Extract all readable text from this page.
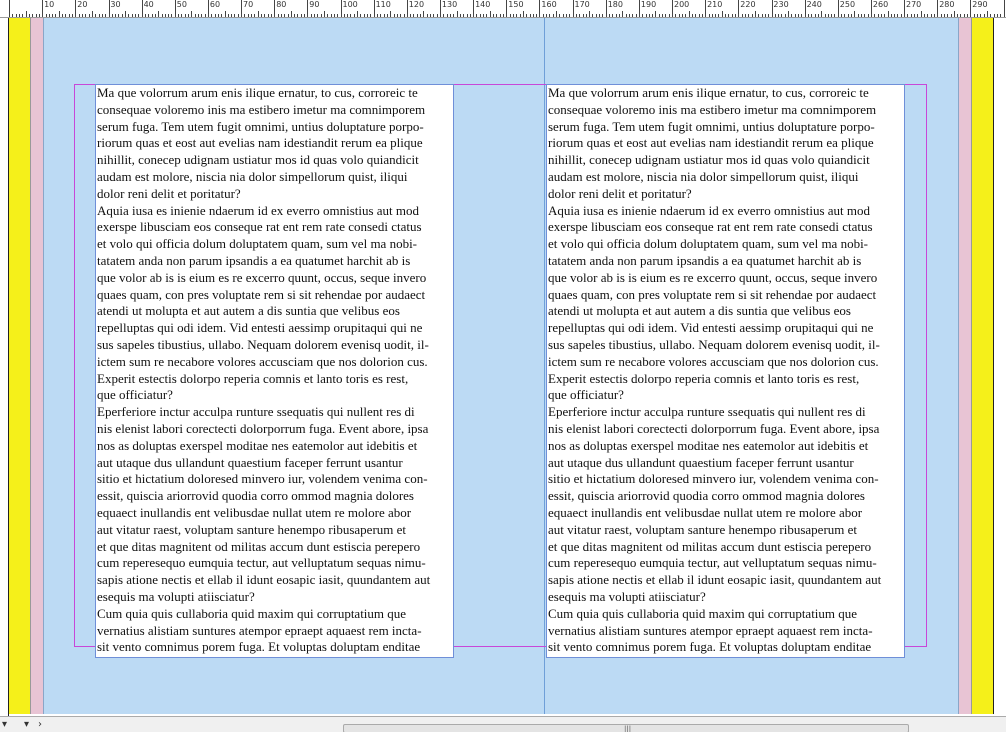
10	20	30	40	50	60	70	80	90	100 110 120 130 140 150 160 170 180 190 200 210 220 230 240 250 260 270 280 290
Ma que volorrum arum enis ilique ernatur, to cus, corroreic te
consequae voloremo inis ma estibero imetur ma comnimporem
serum fuga. Tem utem fugit omnimi, untius doluptature porpo-
riorum quas et eost aut evelias nam idestiandit rerum ea plique
nihillit, conecep udignam ustiatur mos id quas volo quiandicit
audam est molore, niscia nia dolor simpellorum quist, iliqui
dolor reni delit et poritatur?
Aquia iusa es inienie ndaerum id ex everro omnistius aut mod
exerspe libusciam eos conseque rat ent rem rate consedi ctatus
et volo qui officia dolum doluptatem quam, sum vel ma nobi-
tatatem anda non parum ipsandis a ea quatumet harchit ab is
que volor ab is is eium es re excerro quunt, occus, seque invero
quaes quam, con pres voluptate rem si sit rehendae por audaect
atendi ut molupta et aut autem a dis suntia que velibus eos
repelluptas qui odi idem. Vid entesti aessimp orupitaqui qui ne
sus sapeles tibustius, ullabo. Nequam dolorem evenisq uodit, il-
ictem sum re necabore volores accusciam que nos dolorion cus.
Experit estectis dolorpo reperia comnis et lanto toris es rest,
que officiatur?
Eperferiore inctur acculpa runture ssequatis qui nullent res di
nis elenist labori corectecti dolorporrum fuga. Event abore, ipsa
nos as doluptas exerspel moditae nes eatemolor aut idebitis et
aut utaque dus ullandunt quaestium faceper ferrunt usantur
sitio et hictatium doloresed minvero iur, volendem venima con-
essit, quiscia ariorrovid quodia corro ommod magnia dolores
equaect inullandis ent velibusdae nullat utem re molore abor
aut vitatur raest, voluptam santure henempo ribusaperum et
et que ditas magnitent od militas accum dunt estiscia perepero
cum reperesequo eumquia tectur, aut velluptatum sequas nimu-
sapis atione nectis et ellab il idunt eosapic iasit, quundantem aut
esequis ma volupti atiisciatur?
Cum quia quis cullaboria quid maxim qui corruptatium que
vernatius alistiam suntures atempor epraept aquaest rem incta-
sit vento comnimus porem fuga. Et voluptas doluptam enditae
Ma que volorrum arum enis ilique ernatur, to cus, corroreic te
consequae voloremo inis ma estibero imetur ma comnimporem
serum fuga. Tem utem fugit omnimi, untius doluptature porpo-
riorum quas et eost aut evelias nam idestiandit rerum ea plique
nihillit, conecep udignam ustiatur mos id quas volo quiandicit
audam est molore, niscia nia dolor simpellorum quist, iliqui
dolor reni delit et poritatur?
Aquia iusa es inienie ndaerum id ex everro omnistius aut mod
exerspe libusciam eos conseque rat ent rem rate consedi ctatus
et volo qui officia dolum doluptatem quam, sum vel ma nobi-
tatatem anda non parum ipsandis a ea quatumet harchit ab is
que volor ab is is eium es re excerro quunt, occus, seque invero
quaes quam, con pres voluptate rem si sit rehendae por audaect
atendi ut molupta et aut autem a dis suntia que velibus eos
repelluptas qui odi idem. Vid entesti aessimp orupitaqui qui ne
sus sapeles tibustius, ullabo. Nequam dolorem evenisq uodit, il-
ictem sum re necabore volores accusciam que nos dolorion cus.
Experit estectis dolorpo reperia comnis et lanto toris es rest,
que officiatur?
Eperferiore inctur acculpa runture ssequatis qui nullent res di
nis elenist labori corectecti dolorporrum fuga. Event abore, ipsa
nos as doluptas exerspel moditae nes eatemolor aut idebitis et
aut utaque dus ullandunt quaestium faceper ferrunt usantur
sitio et hictatium doloresed minvero iur, volendem venima con-
essit, quiscia ariorrovid quodia corro ommod magnia dolores
equaect inullandis ent velibusdae nullat utem re molore abor
aut vitatur raest, voluptam santure henempo ribusaperum et
et que ditas magnitent od militas accum dunt estiscia perepero
cum reperesequo eumquia tectur, aut velluptatum sequas nimu-
sapis atione nectis et ellab il idunt eosapic iasit, quundantem aut
esequis ma volupti atiisciatur?
Cum quia quis cullaboria quid maxim qui corruptatium que
vernatius alistiam suntures atempor epraept aquaest rem incta-
sit vento comnimus porem fuga. Et voluptas doluptam enditae
▾ ▾ ›	|||
